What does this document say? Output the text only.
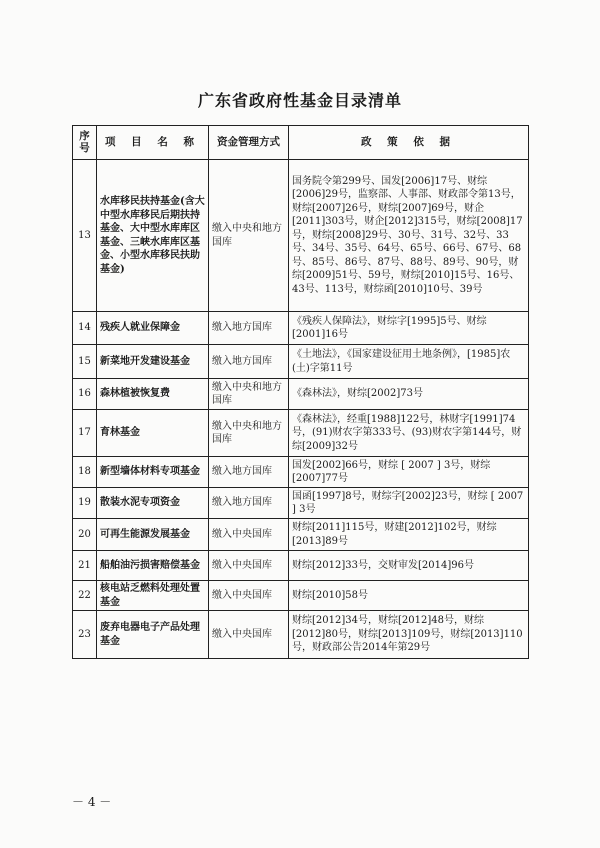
广东省政府性基金目录清单
序号	项 目 名 称	资金管理方式	政 策 依 据
13	水库移民扶持基金(含大中型水库移民后期扶持基金、大中型水库库区基金、三峡水库库区基金、小型水库移民扶助基金)	缴入中央和地方国库	国务院令第299号、国发[2006]17号、财综[2006]29号，监察部、人事部、财政部令第13号，财综[2007]26号，财综[2007]69号，财企[2011]303号，财企[2012]315号，财综[2008]17号，财综[2008]29号、30号、31号、32号、33号、34号、35号、64号、65号、66号、67号、68号、85号、86号、87号、88号、89号、90号，财综[2009]51号、59号，财综[2010]15号、16号、43号、113号，财综函[2010]10号、39号
14	残疾人就业保障金	缴入地方国库	《残疾人保障法》，财综字[1995]5号、财综[2001]16号
15	新菜地开发建设基金	缴入地方国库	《土地法》，《国家建设征用土地条例》，[1985]农(土)字第11号
16	森林植被恢复费	缴入中央和地方国库	《森林法》，财综[2002]73号
17	育林基金	缴入中央和地方国库	《森林法》，经重[1988]122号，林财字[1991]74号，(91)财农字第333号、(93)财农字第144号，财综[2009]32号
18	新型墙体材料专项基金	缴入地方国库	国发[2002]66号，财综 [ 2007 ] 3号，财综[2007]77号
19	散装水泥专项资金	缴入地方国库	国函[1997]8号，财综字[2002]23号，财综 [ 2007 ] 3号
20	可再生能源发展基金	缴入中央国库	财综[2011]115号，财建[2012]102号，财综[2013]89号
21	船舶油污损害赔偿基金	缴入中央国库	财综[2012]33号，交财审发[2014]96号
22	核电站乏燃料处理处置基金	缴入中央国库	财综[2010]58号
23	废弃电器电子产品处理基金	缴入中央国库	财综[2012]34号，财综[2012]48号，财综[2012]80号，财综[2013]109号，财综[2013]110号，财政部公告2014年第29号
－ 4 －
